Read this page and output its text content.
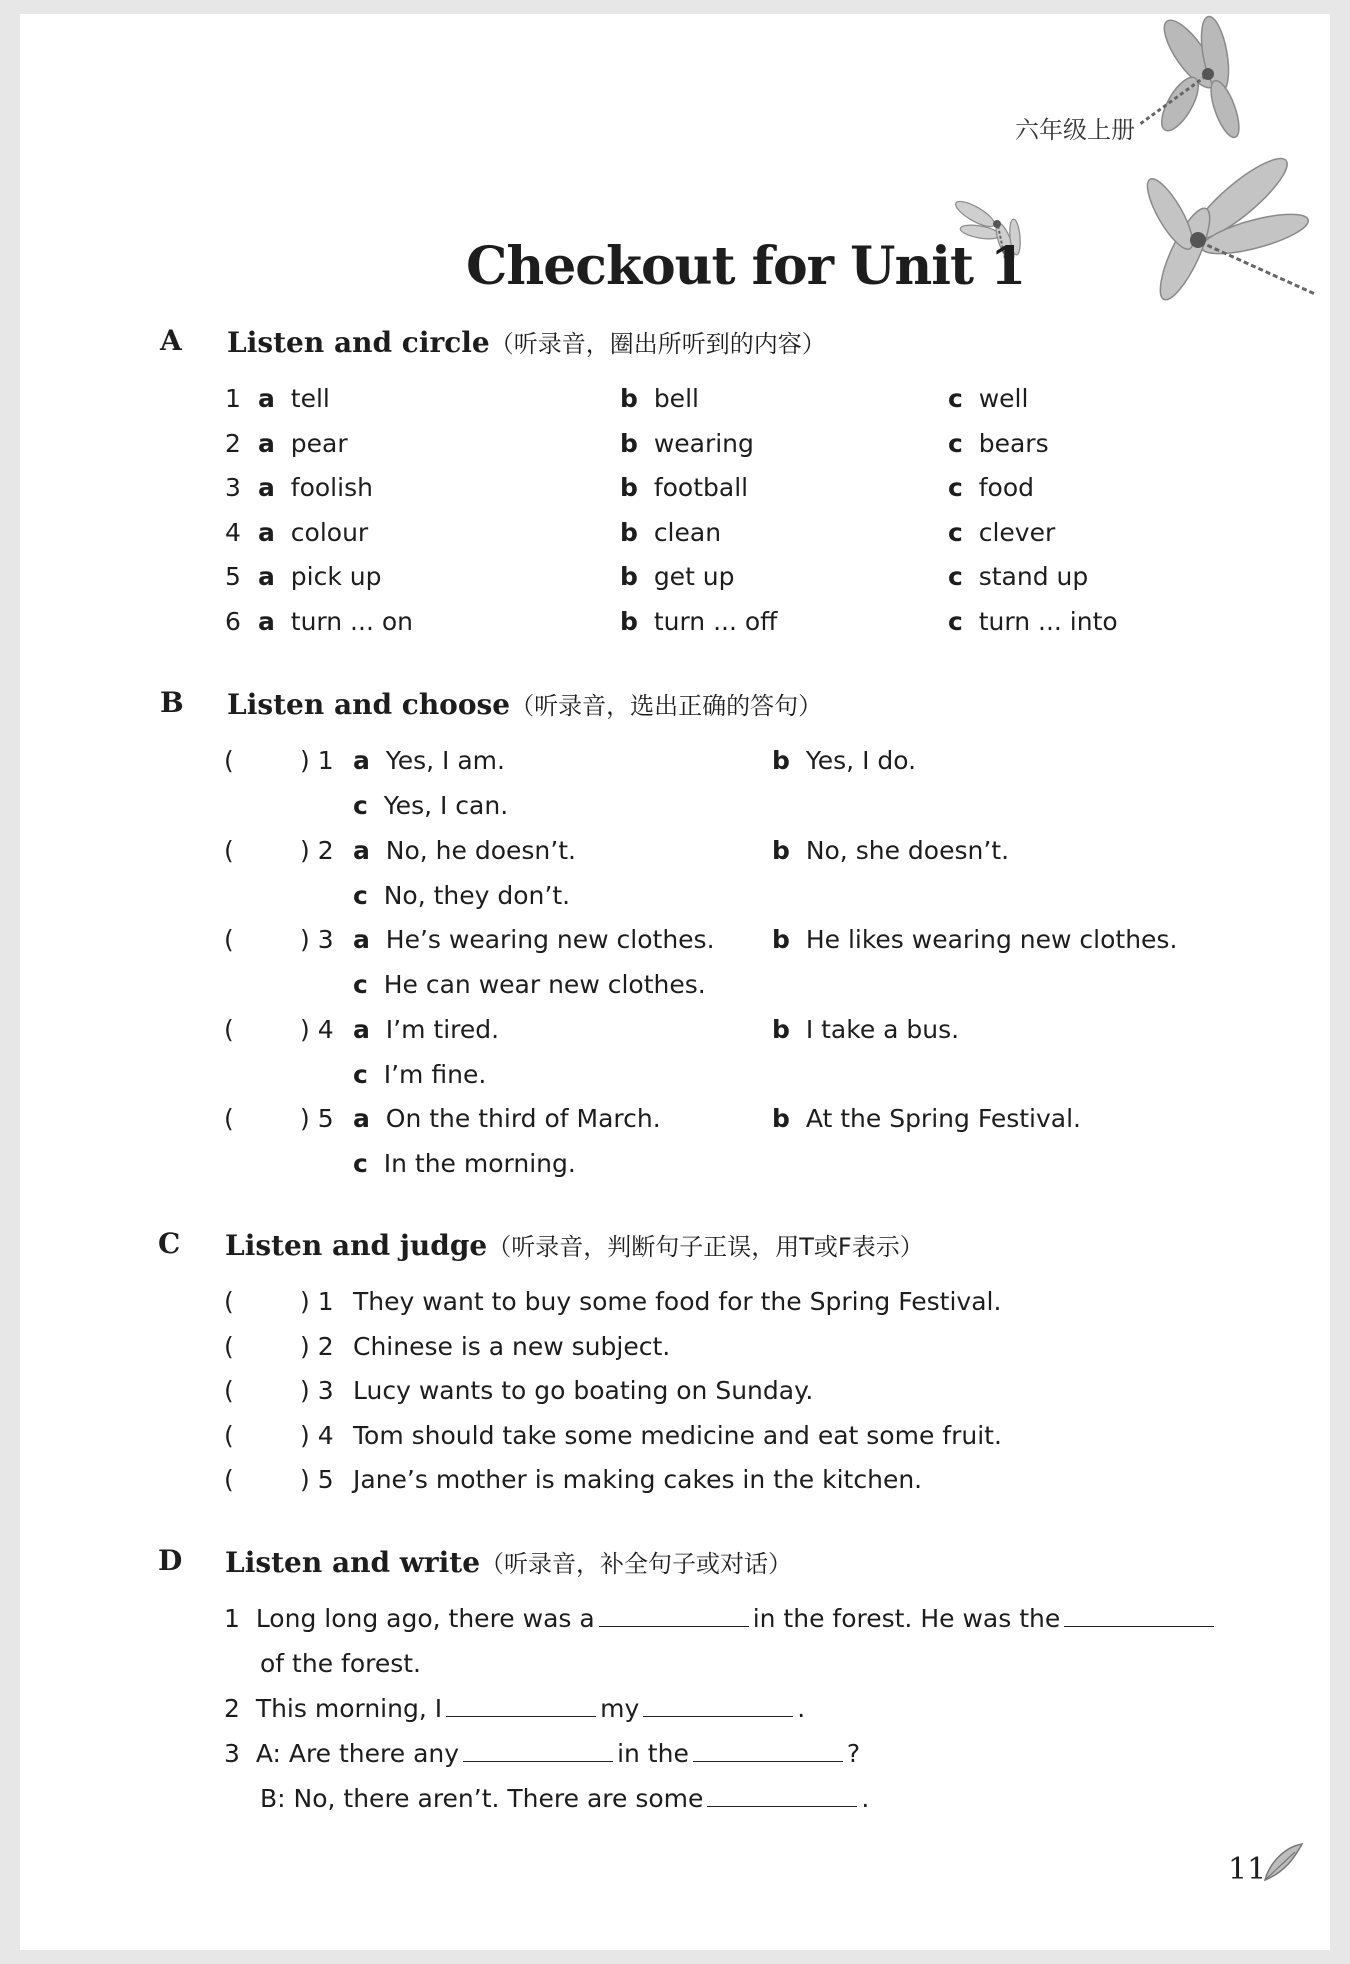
六年级上册
Checkout for Unit 1
A Listen and circle（听录音，圈出所听到的内容）
1 a tell	b bell	c well
2 a pear	b wearing	c bears
3 a foolish	b football	c food
4 a colour	b clean	c clever
5 a pick up	b get up	c stand up
6 a turn ... on	b turn ... off	c turn ... into
B Listen and choose（听录音，选出正确的答句）
(	) 1 a Yes, I am.	b Yes, I do.
c Yes, I can.
(	) 2 a No, he doesn’t.	b No, she doesn’t.
c No, they don’t.
(	) 3 a He’s wearing new clothes. b He likes wearing new clothes.
c He can wear new clothes.
(	) 4 a I’m tired.	b I take a bus.
c I’m fine.
(	) 5 a On the third of March.	b At the Spring Festival.
c In the morning.
C Listen and judge（听录音，判断句子正误，用T或F表示）
(	) 1 They want to buy some food for the Spring Festival.
(	) 2 Chinese is a new subject.
(	) 3 Lucy wants to go boating on Sunday.
(	) 4 Tom should take some medicine and eat some fruit.
(	) 5 Jane’s mother is making cakes in the kitchen.
D Listen and write（听录音，补全句子或对话）
1 Long long ago, there was a	in the forest. He was the
of the forest.
2 This morning, I	my	.
3 A: Are there any	in the	?
B: No, there aren’t. There are some	.
11
